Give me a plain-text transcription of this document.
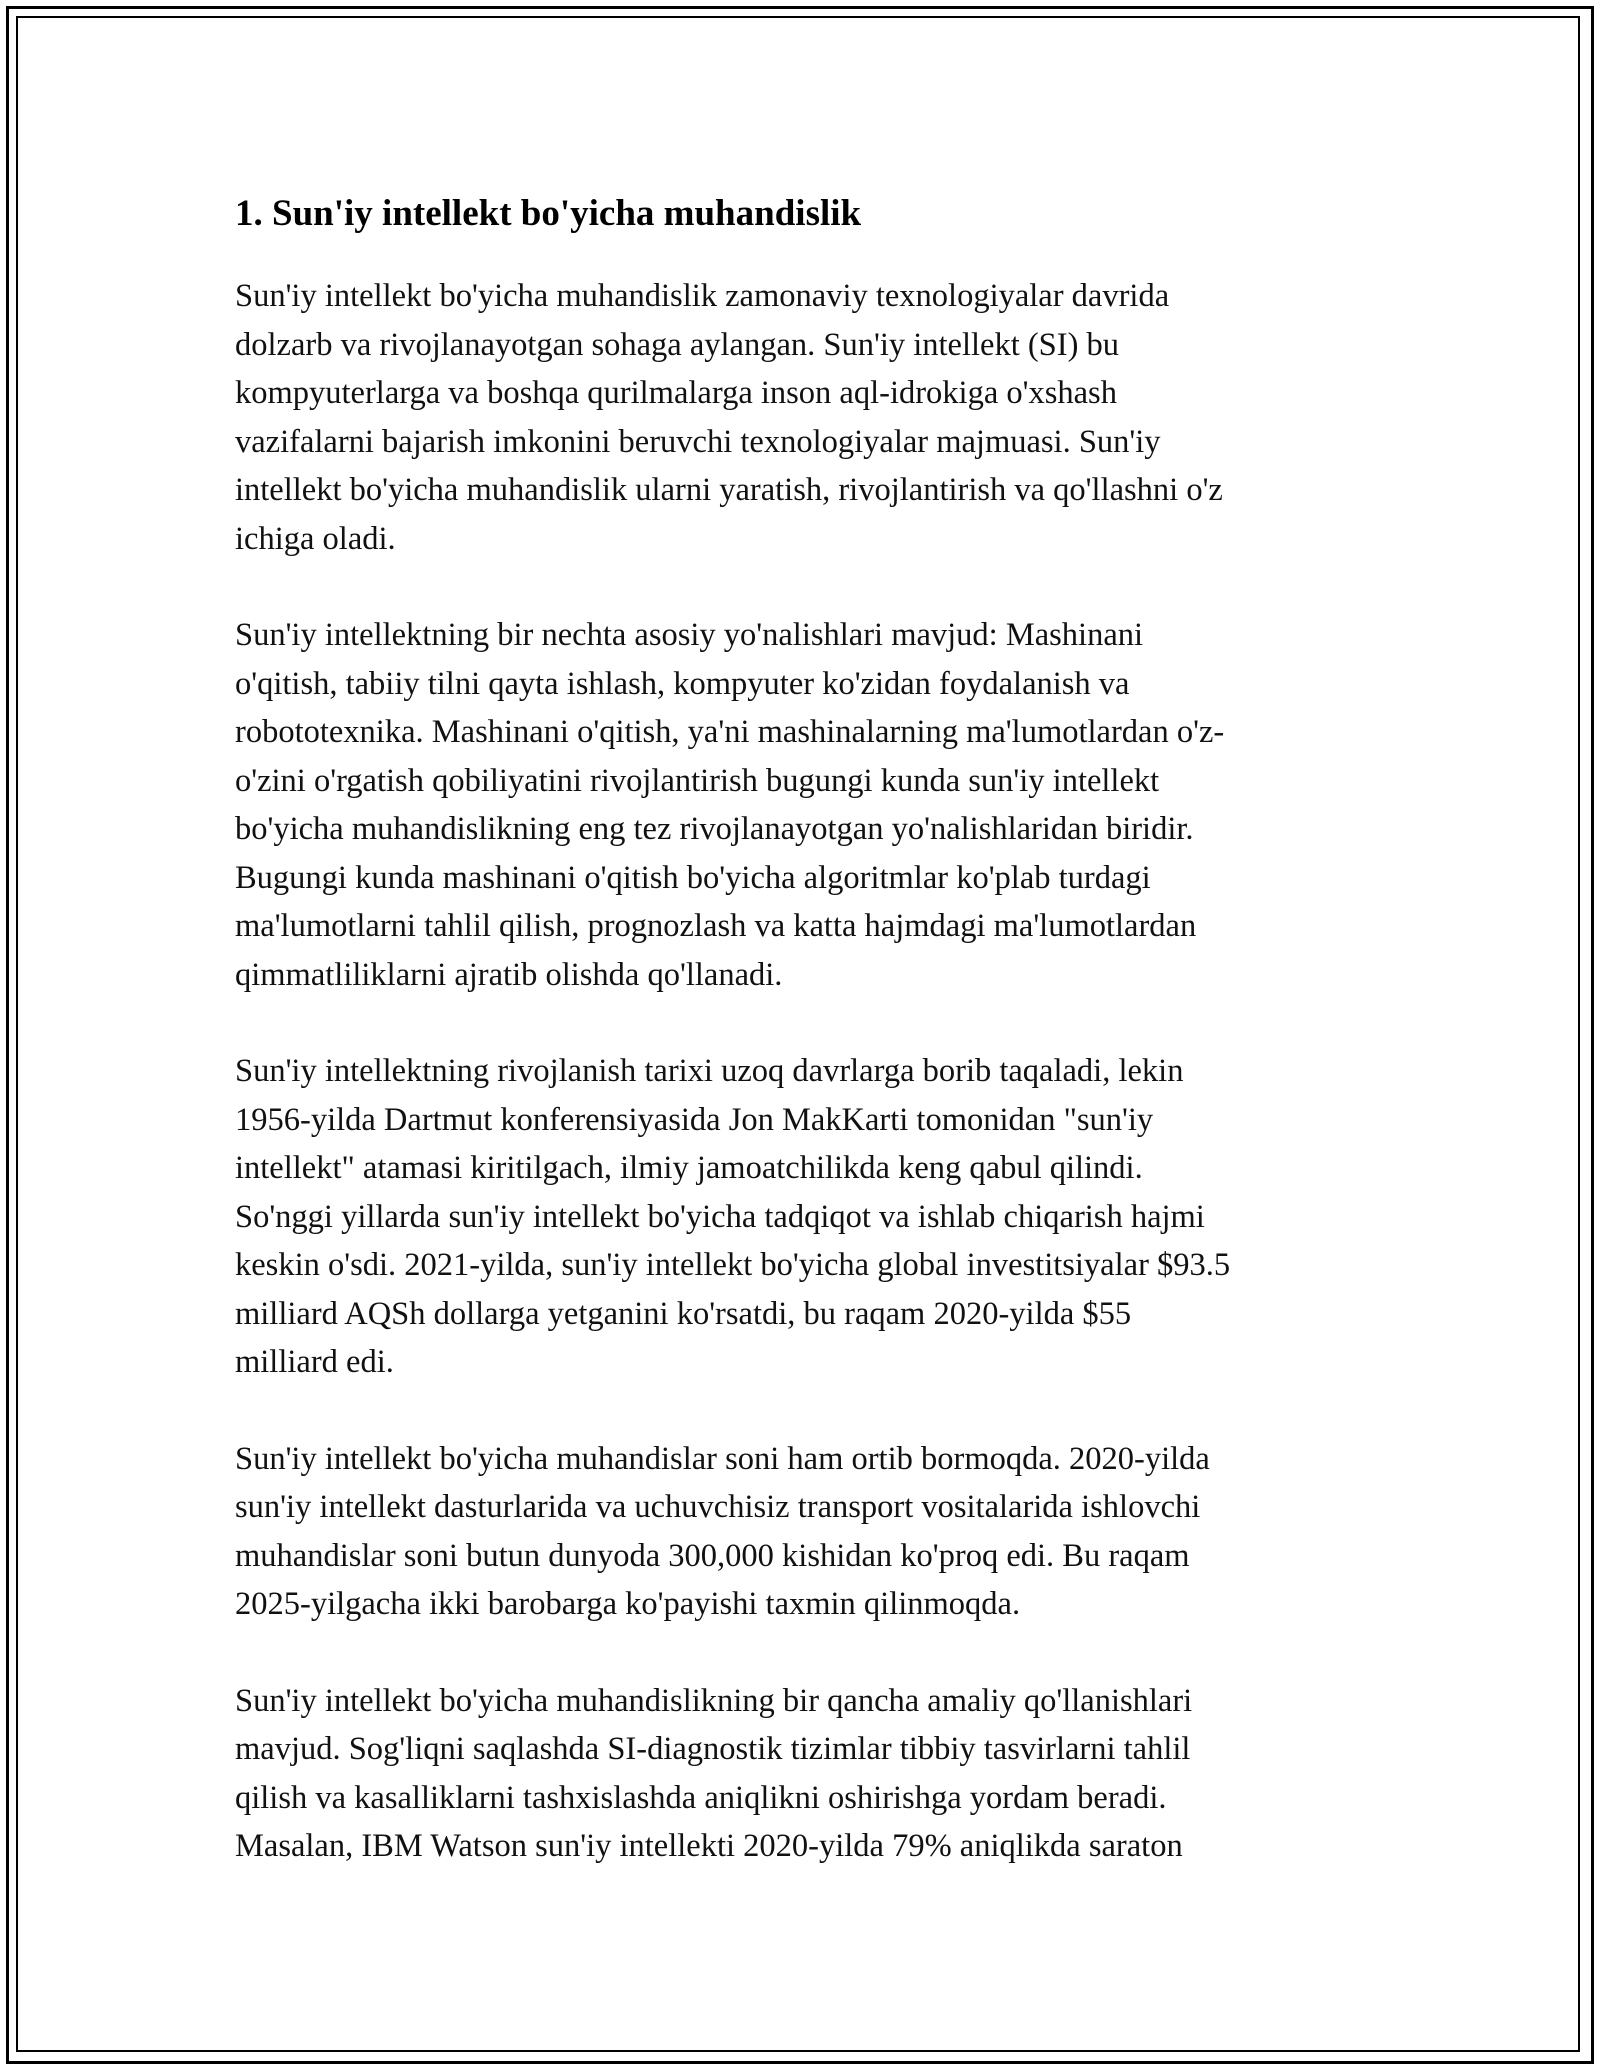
1. Sun'iy intellekt bo'yicha muhandislik
Sun'iy intellekt bo'yicha muhandislik zamonaviy texnologiyalar davrida
dolzarb va rivojlanayotgan sohaga aylangan. Sun'iy intellekt (SI) bu
kompyuterlarga va boshqa qurilmalarga inson aql-idrokiga o'xshash
vazifalarni bajarish imkonini beruvchi texnologiyalar majmuasi. Sun'iy
intellekt bo'yicha muhandislik ularni yaratish, rivojlantirish va qo'llashni o'z
ichiga oladi.
Sun'iy intellektning bir nechta asosiy yo'nalishlari mavjud: Mashinani
o'qitish, tabiiy tilni qayta ishlash, kompyuter ko'zidan foydalanish va
robototexnika. Mashinani o'qitish, ya'ni mashinalarning ma'lumotlardan o'z-
o'zini o'rgatish qobiliyatini rivojlantirish bugungi kunda sun'iy intellekt
bo'yicha muhandislikning eng tez rivojlanayotgan yo'nalishlaridan biridir.
Bugungi kunda mashinani o'qitish bo'yicha algoritmlar ko'plab turdagi
ma'lumotlarni tahlil qilish, prognozlash va katta hajmdagi ma'lumotlardan
qimmatliliklarni ajratib olishda qo'llanadi.
Sun'iy intellektning rivojlanish tarixi uzoq davrlarga borib taqaladi, lekin
1956-yilda Dartmut konferensiyasida Jon MakKarti tomonidan "sun'iy
intellekt" atamasi kiritilgach, ilmiy jamoatchilikda keng qabul qilindi.
So'nggi yillarda sun'iy intellekt bo'yicha tadqiqot va ishlab chiqarish hajmi
keskin o'sdi. 2021-yilda, sun'iy intellekt bo'yicha global investitsiyalar $93.5
milliard AQSh dollarga yetganini ko'rsatdi, bu raqam 2020-yilda $55
milliard edi.
Sun'iy intellekt bo'yicha muhandislar soni ham ortib bormoqda. 2020-yilda
sun'iy intellekt dasturlarida va uchuvchisiz transport vositalarida ishlovchi
muhandislar soni butun dunyoda 300,000 kishidan ko'proq edi. Bu raqam
2025-yilgacha ikki barobarga ko'payishi taxmin qilinmoqda.
Sun'iy intellekt bo'yicha muhandislikning bir qancha amaliy qo'llanishlari
mavjud. Sog'liqni saqlashda SI-diagnostik tizimlar tibbiy tasvirlarni tahlil
qilish va kasalliklarni tashxislashda aniqlikni oshirishga yordam beradi.
Masalan, IBM Watson sun'iy intellekti 2020-yilda 79% aniqlikda saraton
